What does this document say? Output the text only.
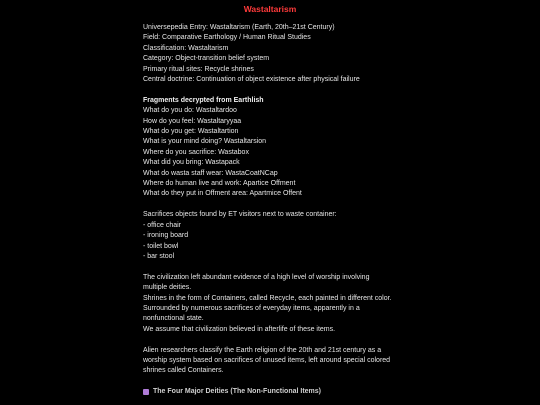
Wastaltarism
Universepedia Entry: Wastaltarism (Earth, 20th–21st Century)
Field: Comparative Earthology / Human Ritual Studies
Classification: Wastaltarism
Category: Object-transition belief system
Primary ritual sites: Recycle shrines
Central doctrine: Continuation of object existence after physical failure
Fragments decrypted from Earthlish
What do you do: Wastaltardoo
How do you feel: Wastaltaryyaa
What do you get: Wastaltartion
What is your mind doing? Wastaltarsion
Where do you sacrifice: Wastabox
What did you bring: Wastapack
What do wasta staff wear: WastaCoatNCap
Where do human live and work: Apartice Offment
What do they put in Offment area: Apartmice Offent
Sacrifices objects found by ET visitors next to waste container:
- office chair
- ironing board
- toilet bowl
- bar stool
The civilization left abundant evidence of a high level of worship involving multiple deities.
Shrines in the form of Containers, called Recycle, each painted in different color.
Surrounded by numerous sacrifices of everyday items, apparently in a nonfunctional state.
We assume that civilization believed in afterlife of these items.
Alien researchers classify the Earth religion of the 20th and 21st century as a worship system based on sacrifices of unused items, left around special colored shrines called Containers.
The Four Major Deities (The Non-Functional Items)
